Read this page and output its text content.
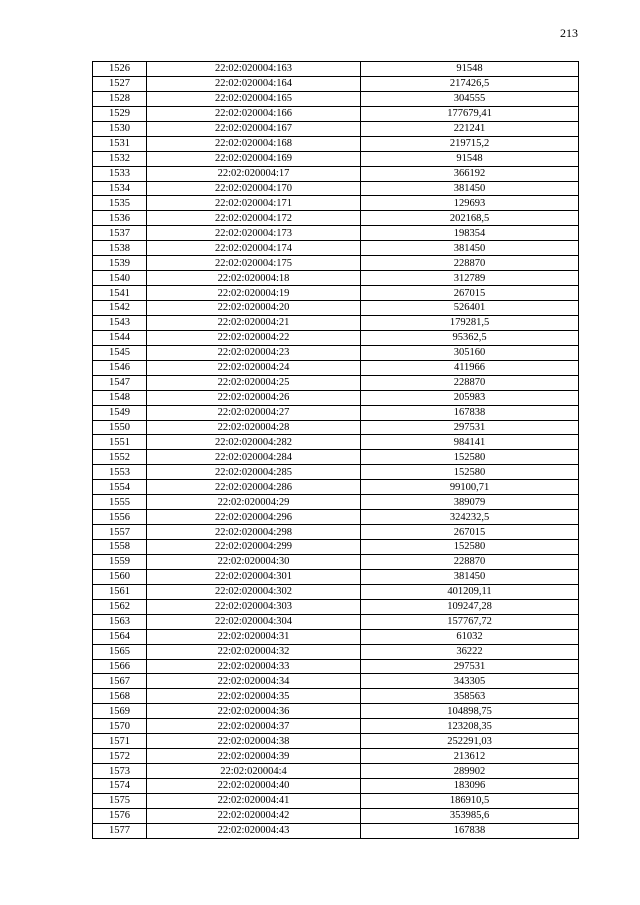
213
1526	22:02:020004:163	91548
1527	22:02:020004:164	217426,5
1528	22:02:020004:165	304555
1529	22:02:020004:166	177679,41
1530	22:02:020004:167	221241
1531	22:02:020004:168	219715,2
1532	22:02:020004:169	91548
1533	22:02:020004:17	366192
1534	22:02:020004:170	381450
1535	22:02:020004:171	129693
1536	22:02:020004:172	202168,5
1537	22:02:020004:173	198354
1538	22:02:020004:174	381450
1539	22:02:020004:175	228870
1540	22:02:020004:18	312789
1541	22:02:020004:19	267015
1542	22:02:020004:20	526401
1543	22:02:020004:21	179281,5
1544	22:02:020004:22	95362,5
1545	22:02:020004:23	305160
1546	22:02:020004:24	411966
1547	22:02:020004:25	228870
1548	22:02:020004:26	205983
1549	22:02:020004:27	167838
1550	22:02:020004:28	297531
1551	22:02:020004:282	984141
1552	22:02:020004:284	152580
1553	22:02:020004:285	152580
1554	22:02:020004:286	99100,71
1555	22:02:020004:29	389079
1556	22:02:020004:296	324232,5
1557	22:02:020004:298	267015
1558	22:02:020004:299	152580
1559	22:02:020004:30	228870
1560	22:02:020004:301	381450
1561	22:02:020004:302	401209,11
1562	22:02:020004:303	109247,28
1563	22:02:020004:304	157767,72
1564	22:02:020004:31	61032
1565	22:02:020004:32	36222
1566	22:02:020004:33	297531
1567	22:02:020004:34	343305
1568	22:02:020004:35	358563
1569	22:02:020004:36	104898,75
1570	22:02:020004:37	123208,35
1571	22:02:020004:38	252291,03
1572	22:02:020004:39	213612
1573	22:02:020004:4	289902
1574	22:02:020004:40	183096
1575	22:02:020004:41	186910,5
1576	22:02:020004:42	353985,6
1577	22:02:020004:43	167838
